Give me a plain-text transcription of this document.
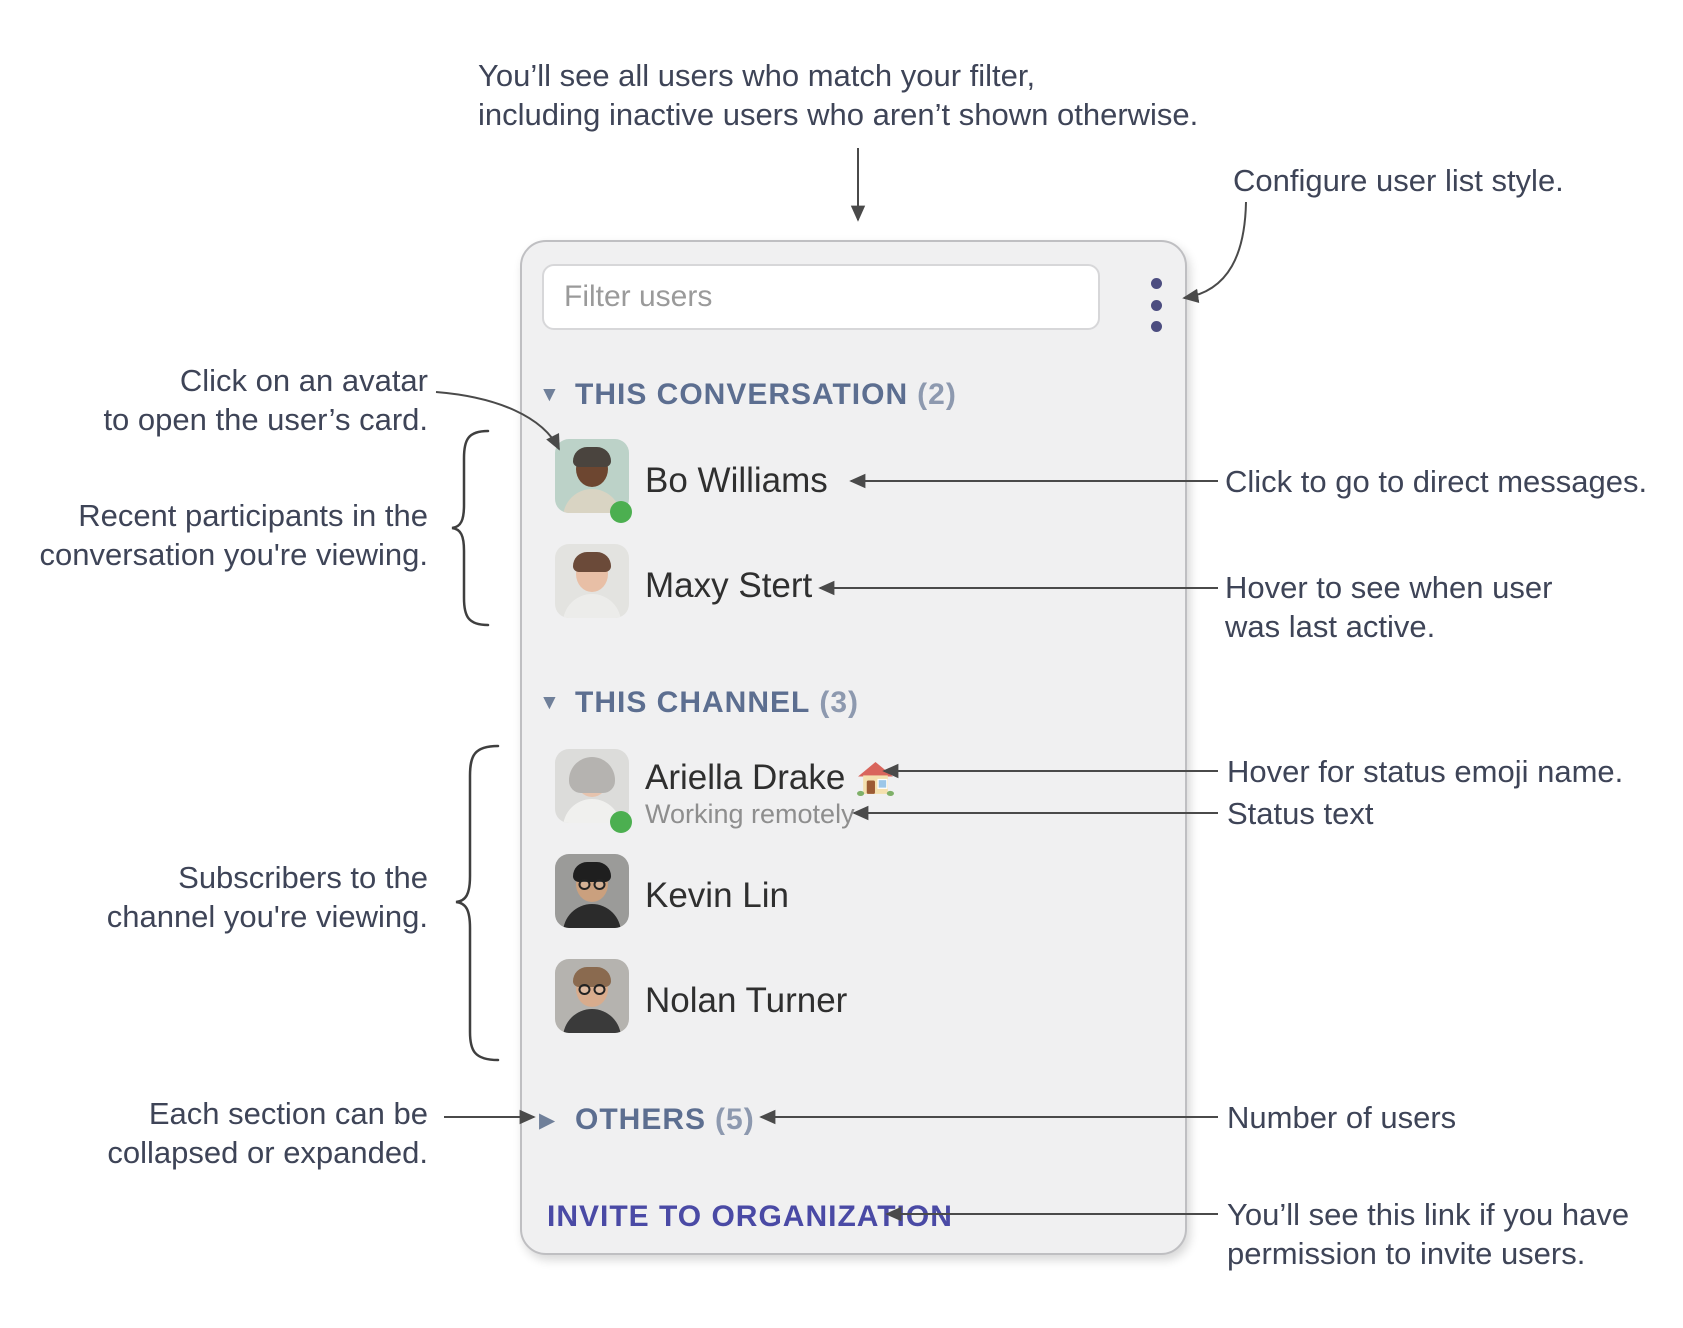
Filter users
▼ THIS CONVERSATION (2)
Bo Williams
Maxy Stert
▼ THIS CHANNEL (3)
Ariella Drake
Working remotely
Kevin Lin
Nolan Turner
▶ OTHERS (5)
INVITE TO ORGANIZATION
You’ll see all users who match your filter,
including inactive users who aren’t shown otherwise.
Configure user list style.
Click on an avatar
to open the user’s card.
Recent participants in the
conversation you're viewing.
Click to go to direct messages.
Hover to see when user
was last active.
Hover for status emoji name.
Status text
Subscribers to the
channel you're viewing.
Each section can be
collapsed or expanded.
Number of users
You’ll see this link if you have
permission to invite users.
